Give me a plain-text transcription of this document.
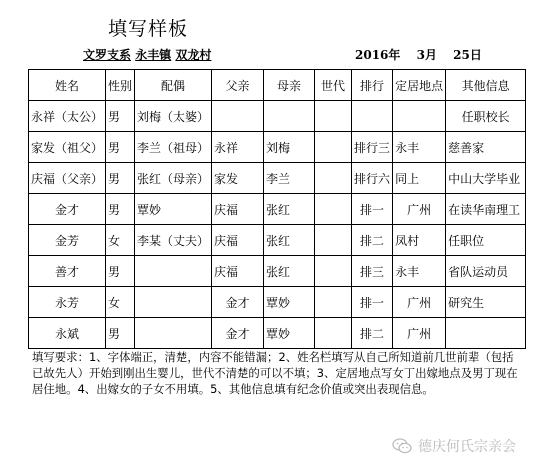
填写样板
文罗支系 永丰镇 双龙村	2016年 3月 25日
姓名	性别	配偶	父亲	母亲	世代	排行	定居地点	其他信息
永祥（太公）	男	刘梅（太婆）						任职校长
家发（祖父）	男	李兰（祖母）	永祥	刘梅		排行三	永丰	慈善家
庆福（父亲）	男	张红（母亲）	家发	李兰		排行六	同上	中山大学毕业
金才	男	覃妙	庆福	张红		排一	广州	在读华南理工
金芳	女	李某（丈夫）	庆福	张红		排二	凤村	任职位
善才	男		庆福	张红		排三	永丰	省队运动员
永芳	女		金才	覃妙		排一	广州	研究生
永斌	男		金才	覃妙		排二	广州	
填写要求：1、字体端正，清楚，内容不能错漏；2、姓名栏填写从自己所知道前几世前辈（包括已故先人）开始到刚出生婴儿，世代不清楚的可以不填；3、定居地点写女丁出嫁地点及男丁现在居住地。4、出嫁女的子女不用填。5、其他信息填有纪念价值或突出表现信息。
德庆何氏宗亲会
